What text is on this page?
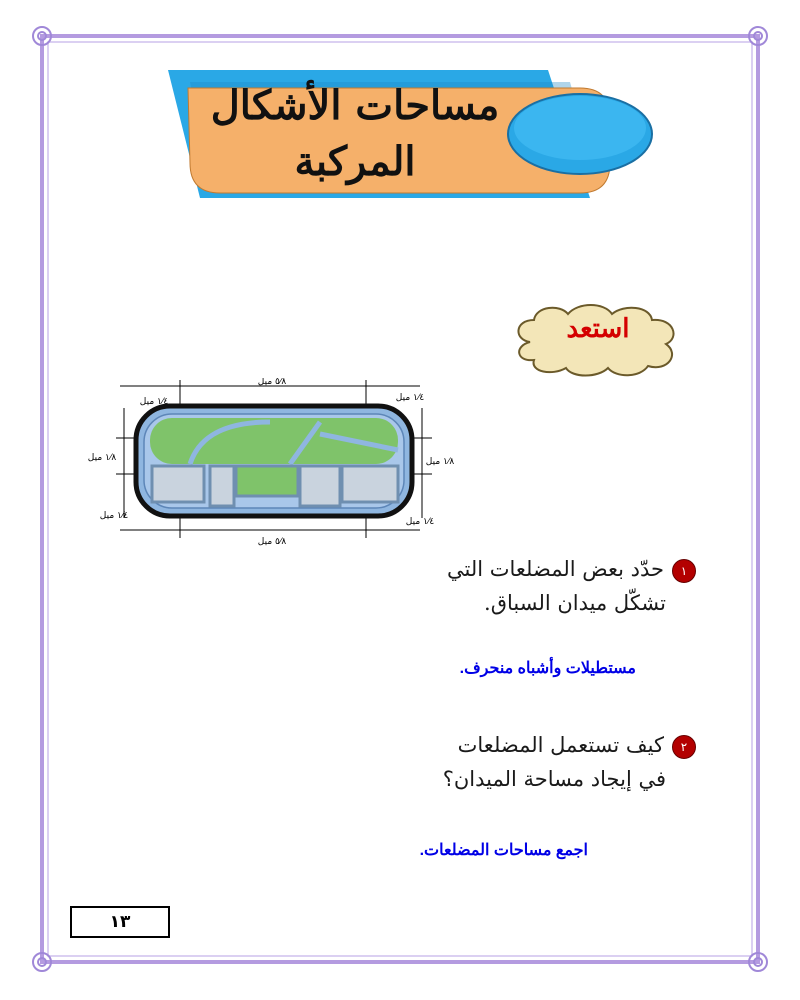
مساحات الأشكال
المركبة
استعد
١⁄٤ ميل
٥⁄٨ ميل
١⁄٤ ميل
١⁄٨ ميل	١⁄٨ ميل
١⁄٤ ميل
٥⁄٨ ميل
١⁄٤ ميل
١حدّد بعض المضلعات التي
تشكّل ميدان السباق.
مستطيلات وأشباه منحرف.
٢كيف تستعمل المضلعات
في إيجاد مساحة الميدان؟
اجمع مساحات المضلعات.
١٣
